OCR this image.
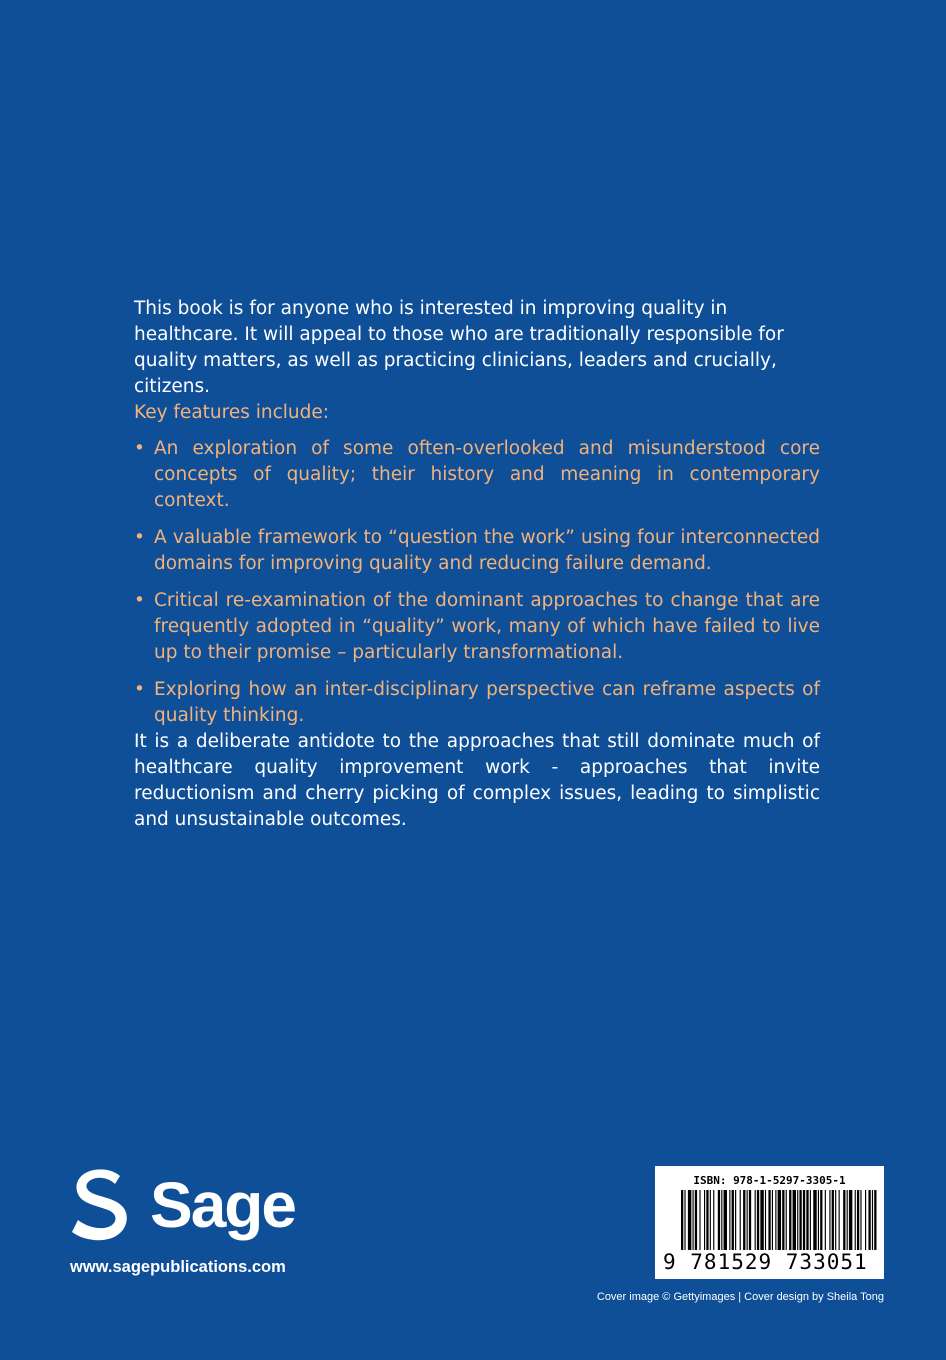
This book is for anyone who is interested in improving quality in healthcare. It will appeal to those who are traditionally responsible for quality matters, as well as practicing clinicians, leaders and crucially, citizens.

Key features include:
• An exploration of some often-overlooked and misunderstood core concepts of quality; their history and meaning in contemporary context.
• A valuable framework to “question the work” using four interconnected domains for improving quality and reducing failure demand.
• Critical re-examination of the dominant approaches to change that are frequently adopted in “quality” work, many of which have failed to live up to their promise – particularly transformational.
• Exploring how an inter-disciplinary perspective can reframe aspects of quality thinking.

It is a deliberate antidote to the approaches that still dominate much of healthcare quality improvement work - approaches that invite reductionism and cherry picking of complex issues, leading to simplistic and unsustainable outcomes.

Sage
www.sagepublications.com
ISBN: 978-1-5297-3305-1
9 781529 733051
Cover image © Gettyimages | Cover design by Sheila Tong
